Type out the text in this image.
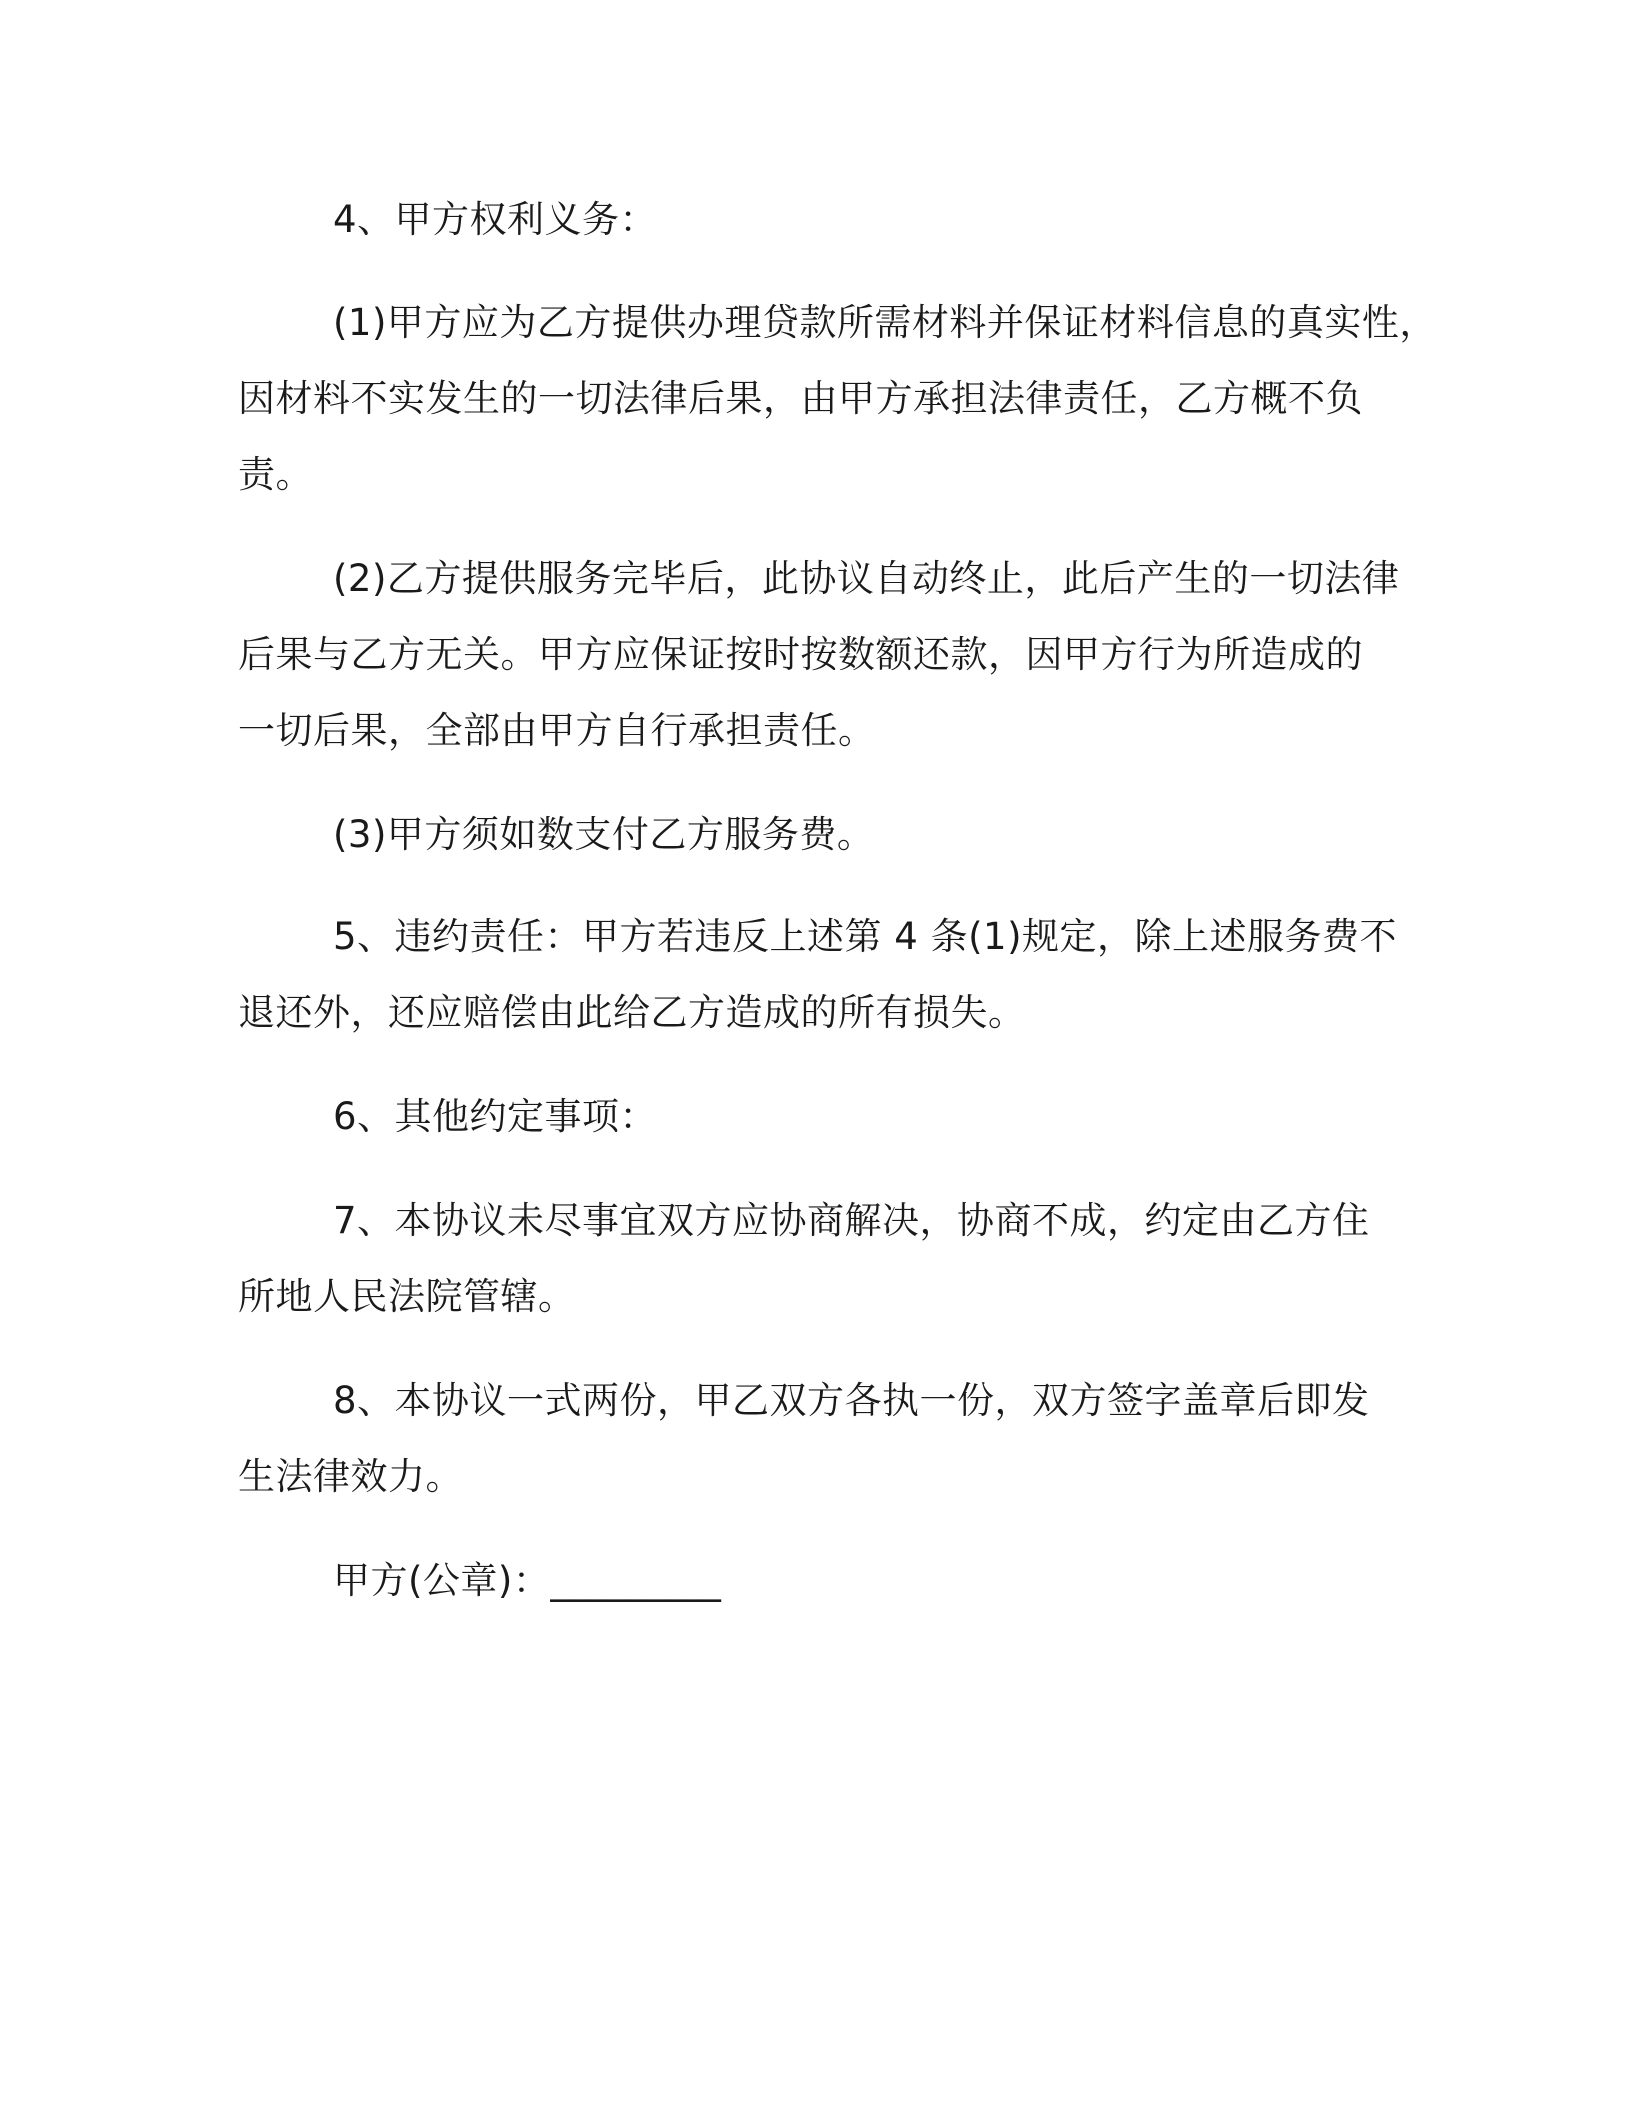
4、甲方权利义务：
(1)甲方应为乙方提供办理贷款所需材料并保证材料信息的真实性，
因材料不实发生的一切法律后果，由甲方承担法律责任，乙方概不负
责。
(2)乙方提供服务完毕后，此协议自动终止，此后产生的一切法律
后果与乙方无关。甲方应保证按时按数额还款，因甲方行为所造成的
一切后果，全部由甲方自行承担责任。
(3)甲方须如数支付乙方服务费。
5、违约责任：甲方若违反上述第 4 条(1)规定，除上述服务费不
退还外，还应赔偿由此给乙方造成的所有损失。
6、其他约定事项：
7、本协议未尽事宜双方应协商解决，协商不成，约定由乙方住
所地人民法院管辖。
8、本协议一式两份，甲乙双方各执一份，双方签字盖章后即发
生法律效力。
甲方(公章)：_________
